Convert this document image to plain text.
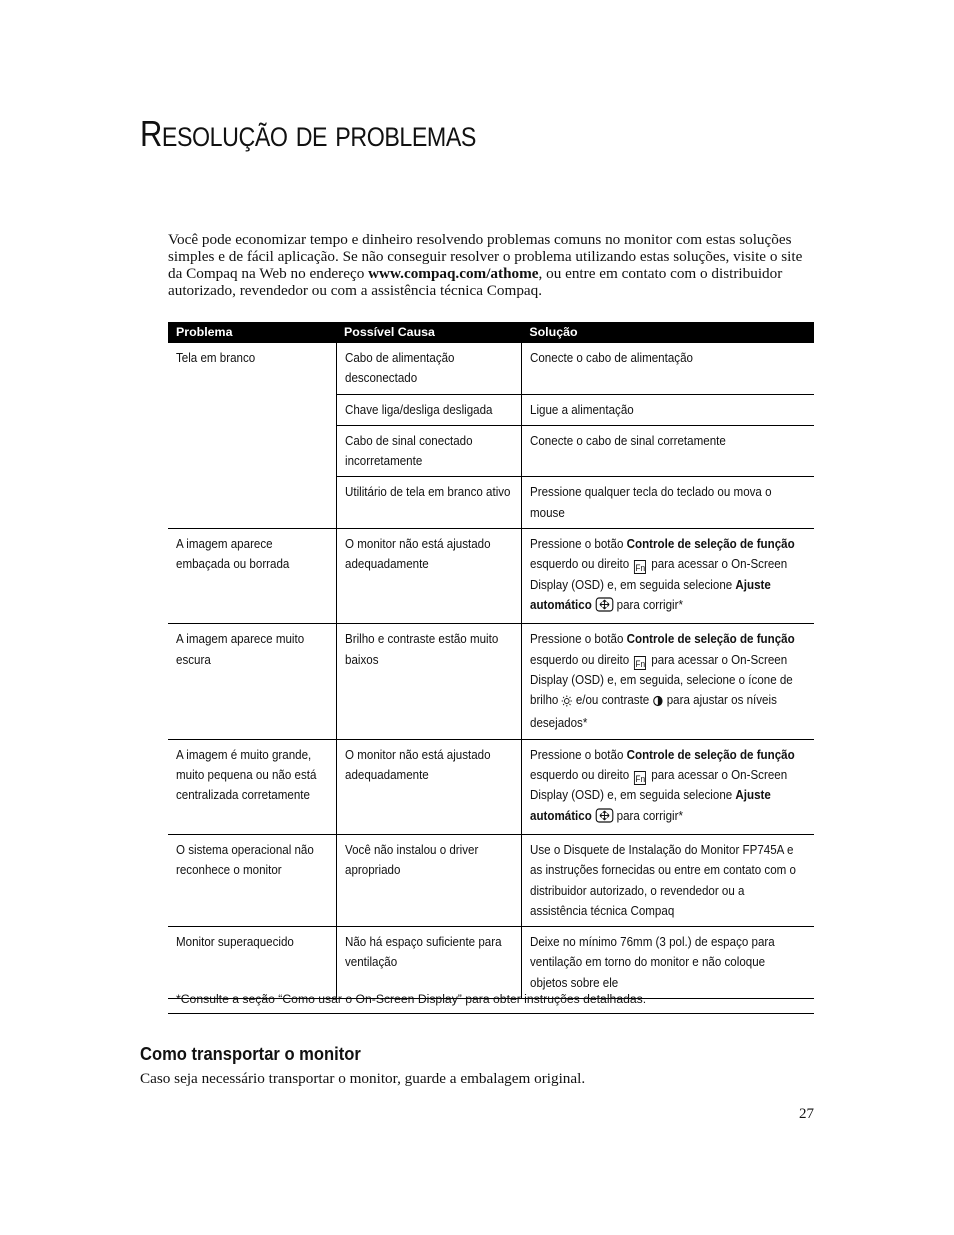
RESOLUÇÃO DE PROBLEMAS
Você pode economizar tempo e dinheiro resolvendo problemas comuns no monitor com estas soluções simples e de fácil aplicação. Se não conseguir resolver o problema utilizando estas soluções, visite o site da Compaq na Web no endereço www.compaq.com/athome, ou entre em contato com o distribuidor autorizado, revendedor ou com a assistência técnica Compaq.
Problema	Possível Causa	Solução
Tela em branco	Cabo de alimentação desconectado	Conecte o cabo de alimentação
	Chave liga/desliga desligada	Ligue a alimentação
	Cabo de sinal conectado incorretamente	Conecte o cabo de sinal corretamente
	Utilitário de tela em branco ativo	Pressione qualquer tecla do teclado ou mova o mouse
A imagem aparece embaçada ou borrada	O monitor não está ajustado adequadamente	Pressione o botão Controle de seleção de função esquerdo ou direito Fn para acessar o On-Screen Display (OSD) e, em seguida selecione Ajuste automático  para corrigir*
A imagem aparece muito escura	Brilho e contraste estão muito baixos	Pressione o botão Controle de seleção de função esquerdo ou direito Fn para acessar o On-Screen Display (OSD) e, em seguida, selecione o ícone de brilho  e/ou contraste  para ajustar os níveis desejados*
A imagem é muito grande, muito pequena ou não está centralizada corretamente	O monitor não está ajustado adequadamente	Pressione o botão Controle de seleção de função esquerdo ou direito Fn para acessar o On-Screen Display (OSD) e, em seguida selecione Ajuste automático  para corrigir*
O sistema operacional não reconhece o monitor	Você não instalou o driver apropriado	Use o Disquete de Instalação do Monitor FP745A e as instruções fornecidas ou entre em contato com o distribuidor autorizado, o revendedor ou a assistência técnica Compaq
Monitor superaquecido	Não há espaço suficiente para ventilação	Deixe no mínimo 76mm (3 pol.) de espaço para ventilação em torno do monitor e não coloque objetos sobre ele
*Consulte a seção “Como usar o On-Screen Display” para obter instruções detalhadas.
Como transportar o monitor
Caso seja necessário transportar o monitor, guarde a embalagem original.
27
